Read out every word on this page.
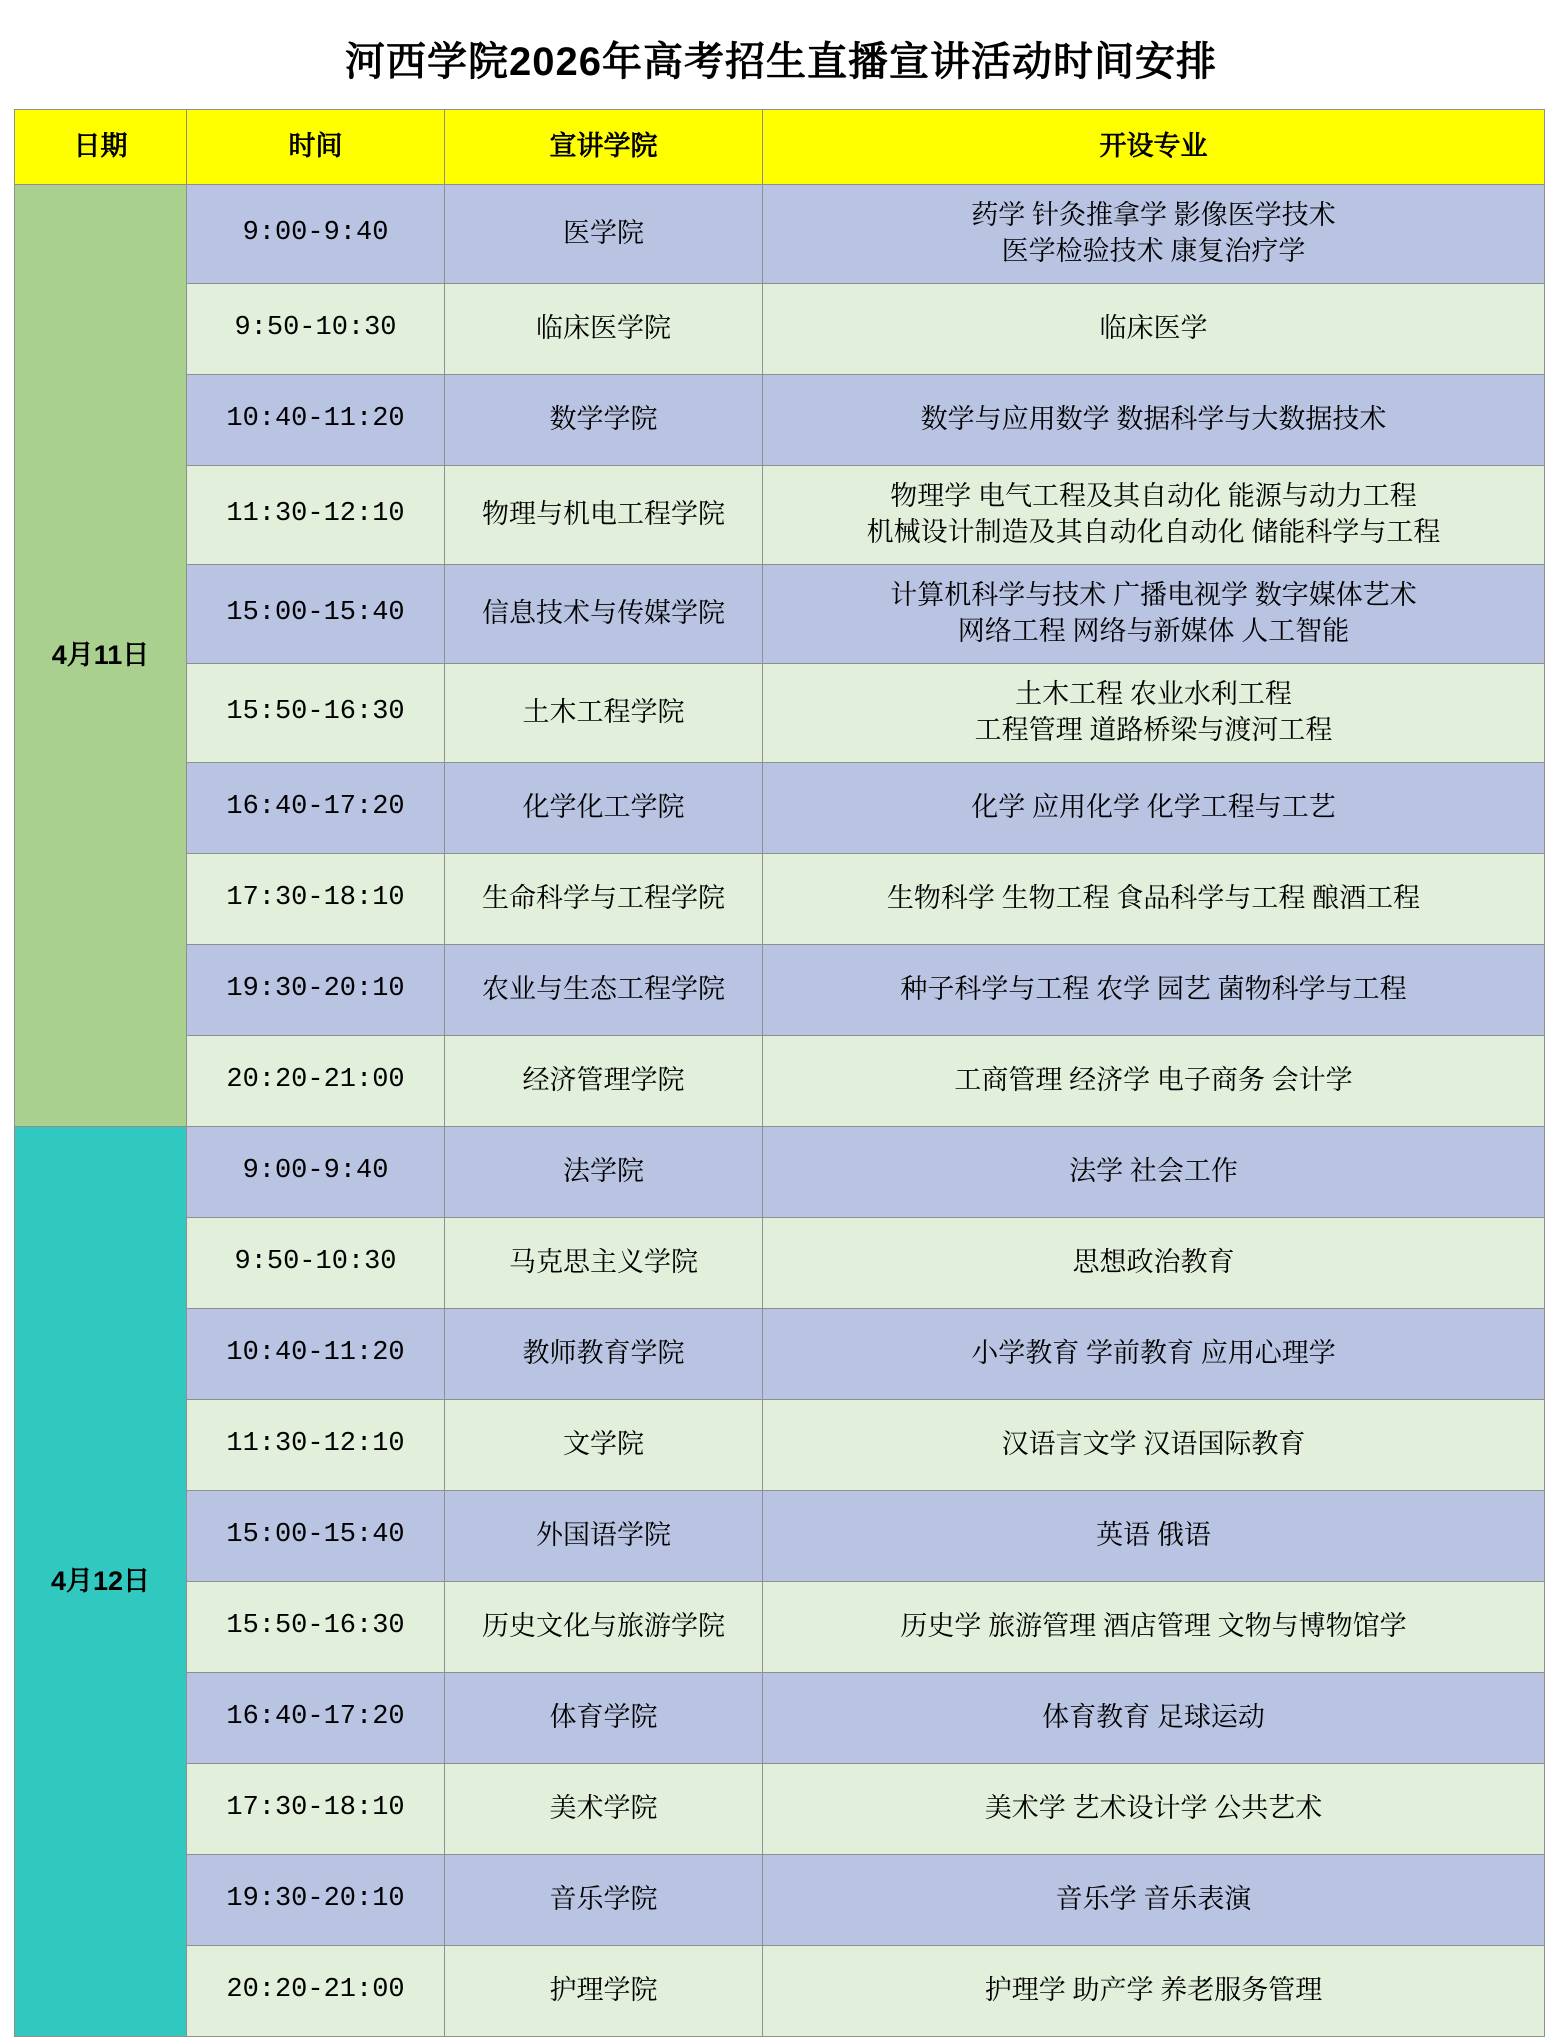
河西学院2026年高考招生直播宣讲活动时间安排
日期	时间	宣讲学院	开设专业
4月11日	9:00-9:40	医学院	药学 针灸推拿学 影像医学技术
医学检验技术 康复治疗学

	9:50-10:30	临床医学院	临床医学

	10:40-11:20	数学学院	数学与应用数学 数据科学与大数据技术

	11:30-12:10	物理与机电工程学院	物理学 电气工程及其自动化 能源与动力工程
机械设计制造及其自动化自动化 储能科学与工程

	15:00-15:40	信息技术与传媒学院	计算机科学与技术 广播电视学 数字媒体艺术
网络工程 网络与新媒体 人工智能

	15:50-16:30	土木工程学院	土木工程 农业水利工程
工程管理 道路桥梁与渡河工程

	16:40-17:20	化学化工学院	化学 应用化学 化学工程与工艺

	17:30-18:10	生命科学与工程学院	生物科学 生物工程 食品科学与工程 酿酒工程

	19:30-20:10	农业与生态工程学院	种子科学与工程 农学 园艺 菌物科学与工程

	20:20-21:00	经济管理学院	工商管理 经济学 电子商务 会计学

4月12日	9:00-9:40	法学院	法学 社会工作

	9:50-10:30	马克思主义学院	思想政治教育

	10:40-11:20	教师教育学院	小学教育 学前教育 应用心理学

	11:30-12:10	文学院	汉语言文学 汉语国际教育

	15:00-15:40	外国语学院	英语 俄语

	15:50-16:30	历史文化与旅游学院	历史学 旅游管理 酒店管理 文物与博物馆学

	16:40-17:20	体育学院	体育教育 足球运动

	17:30-18:10	美术学院	美术学 艺术设计学 公共艺术

	19:30-20:10	音乐学院	音乐学 音乐表演

	20:20-21:00	护理学院	护理学 助产学 养老服务管理
